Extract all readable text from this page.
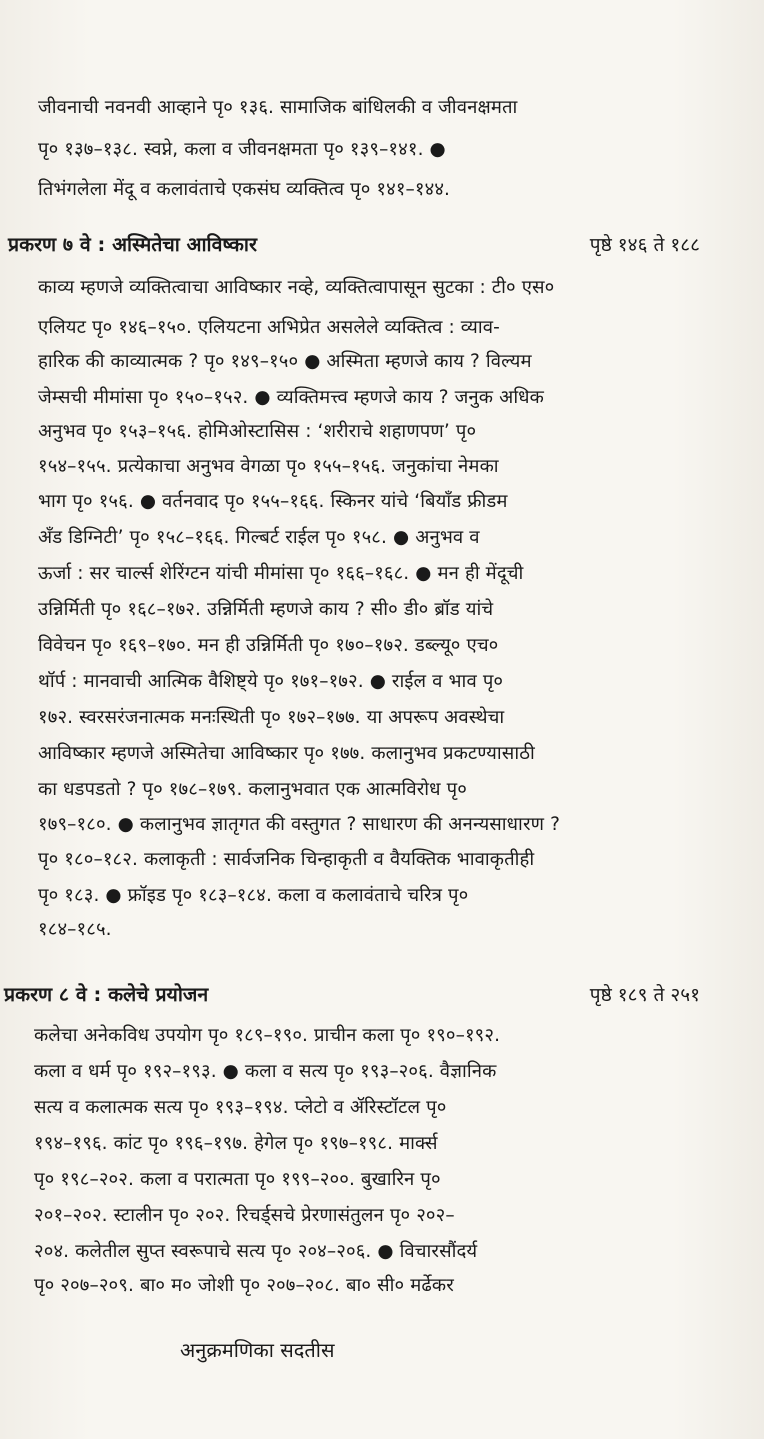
जीवनाची नवनवी आव्हाने पृ० १३६. सामाजिक बांधिलकी व जीवनक्षमता
पृ० १३७–१३८. स्वप्ने, कला व जीवनक्षमता पृ० १३९–१४१. ●
तिभंगलेला मेंदू व कलावंताचे एकसंघ व्यक्तित्व पृ० १४१–१४४.
प्रकरण ७ वे : अस्मितेचा आविष्कार	पृष्ठे १४६ ते १८८
काव्य म्हणजे व्यक्तित्वाचा आविष्कार नव्हे, व्यक्तित्वापासून सुटका : टी० एस०
एलियट पृ० १४६–१५०. एलियटना अभिप्रेत असलेले व्यक्तित्व : व्याव-
हारिक की काव्यात्मक ? पृ० १४९–१५० ● अस्मिता म्हणजे काय ? विल्यम
जेम्सची मीमांसा पृ० १५०–१५२. ● व्यक्तिमत्त्व म्हणजे काय ? जनुक अधिक
अनुभव पृ० १५३–१५६. होमिओस्टासिस : ‘शरीराचे शहाणपण’ पृ०
१५४–१५५. प्रत्येकाचा अनुभव वेगळा पृ० १५५–१५६. जनुकांचा नेमका
भाग पृ० १५६. ● वर्तनवाद पृ० १५५–१६६. स्किनर यांचे ‘बियाँड फ्रीडम
अँड डिग्निटी’ पृ० १५८–१६६. गिल्बर्ट राईल पृ० १५८. ● अनुभव व
ऊर्जा : सर चार्ल्स शेरिंग्टन यांची मीमांसा पृ० १६६–१६८. ● मन ही मेंदूची
उन्निर्मिती पृ० १६८–१७२. उन्निर्मिती म्हणजे काय ? सी० डी० ब्रॉड यांचे
विवेचन पृ० १६९–१७०. मन ही उन्निर्मिती पृ० १७०–१७२. डब्ल्यू० एच०
थॉर्प : मानवाची आत्मिक वैशिष्ट्ये पृ० १७१–१७२. ● राईल व भाव पृ०
१७२. स्वरसरंजनात्मक मनःस्थिती पृ० १७२–१७७. या अपरूप अवस्थेचा
आविष्कार म्हणजे अस्मितेचा आविष्कार पृ० १७७. कलानुभव प्रकटण्यासाठी
का धडपडतो ? पृ० १७८–१७९. कलानुभवात एक आत्मविरोध पृ०
१७९–१८०. ● कलानुभव ज्ञातृगत की वस्तुगत ? साधारण की अनन्यसाधारण ?
पृ० १८०–१८२. कलाकृती : सार्वजनिक चिन्हाकृती व वैयक्तिक भावाकृतीही
पृ० १८३. ● फ्रॉइड पृ० १८३–१८४. कला व कलावंताचे चरित्र पृ०
१८४–१८५.
प्रकरण ८ वे : कलेचे प्रयोजन	पृष्ठे १८९ ते २५१
कलेचा अनेकविध उपयोग पृ० १८९–१९०. प्राचीन कला पृ० १९०–१९२.
कला व धर्म पृ० १९२–१९३. ● कला व सत्य पृ० १९३–२०६. वैज्ञानिक
सत्य व कलात्मक सत्य पृ० १९३–१९४. प्लेटो व ॲरिस्टॉटल पृ०
१९४–१९६. कांट पृ० १९६–१९७. हेगेल पृ० १९७–१९८. मार्क्स
पृ० १९८–२०२. कला व परात्मता पृ० १९९–२००. बुखारिन पृ०
२०१–२०२. स्टालीन पृ० २०२. रिचर्ड्सचे प्रेरणासंतुलन पृ० २०२–
२०४. कलेतील सुप्त स्वरूपाचे सत्य पृ० २०४–२०६. ● विचारसौंदर्य
पृ० २०७–२०९. बा० म० जोशी पृ० २०७–२०८. बा० सी० मर्ढेकर
अनुक्रमणिका सदतीस
